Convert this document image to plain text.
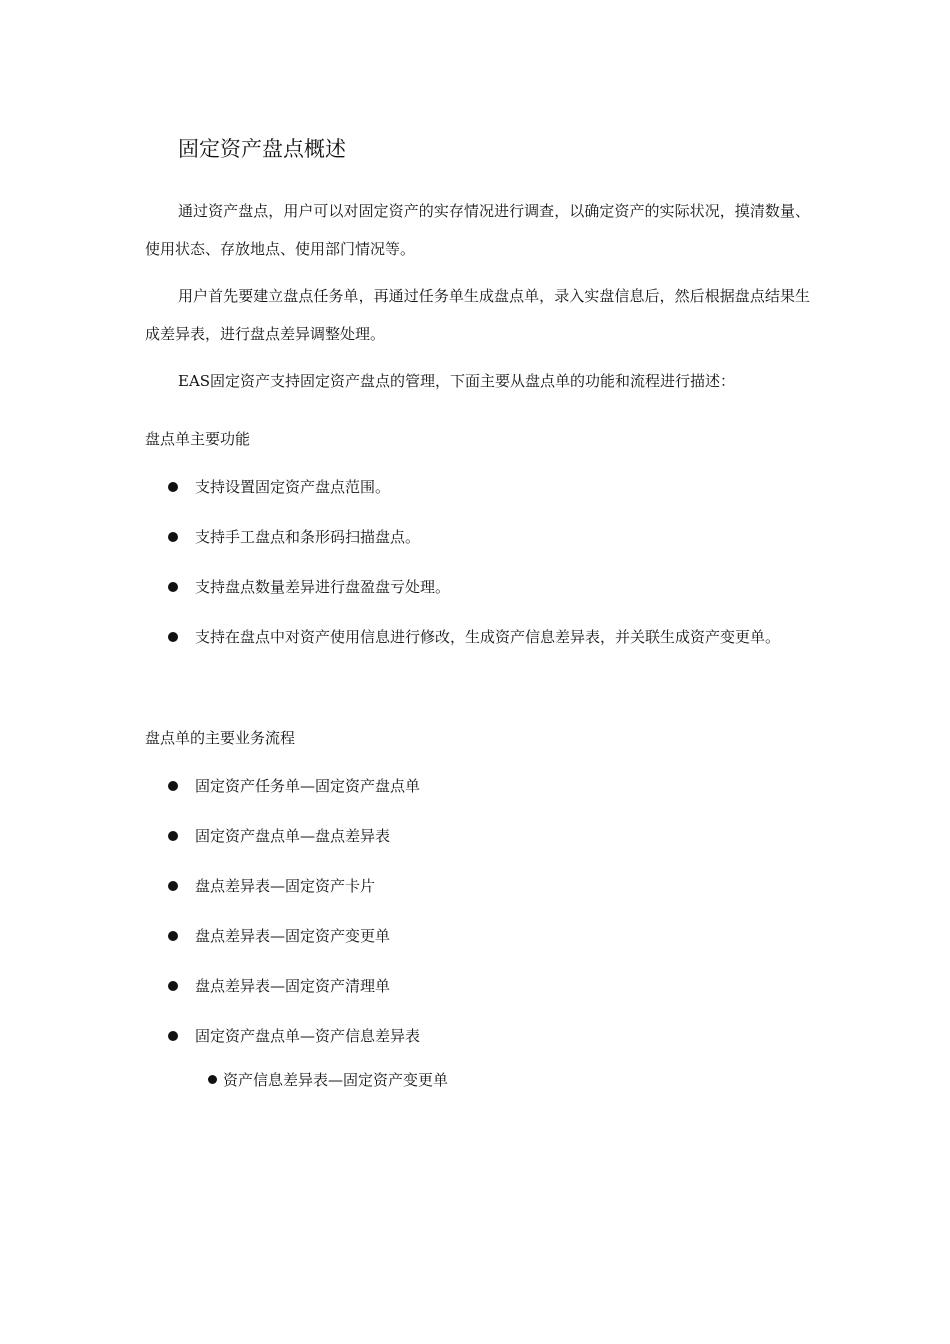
固定资产盘点概述

通过资产盘点，用户可以对固定资产的实存情况进行调查，以确定资产的实际状况，摸清数量、使用状态、存放地点、使用部门情况等。

用户首先要建立盘点任务单，再通过任务单生成盘点单，录入实盘信息后，然后根据盘点结果生成差异表，进行盘点差异调整处理。

EAS固定资产支持固定资产盘点的管理，下面主要从盘点单的功能和流程进行描述：

盘点单主要功能
支持设置固定资产盘点范围。
支持手工盘点和条形码扫描盘点。
支持盘点数量差异进行盘盈盘亏处理。
支持在盘点中对资产使用信息进行修改，生成资产信息差异表，并关联生成资产变更单。
盘点单的主要业务流程
固定资产任务单—固定资产盘点单
固定资产盘点单—盘点差异表
盘点差异表—固定资产卡片
盘点差异表—固定资产变更单
盘点差异表—固定资产清理单
固定资产盘点单—资产信息差异表
资产信息差异表—固定资产变更单
